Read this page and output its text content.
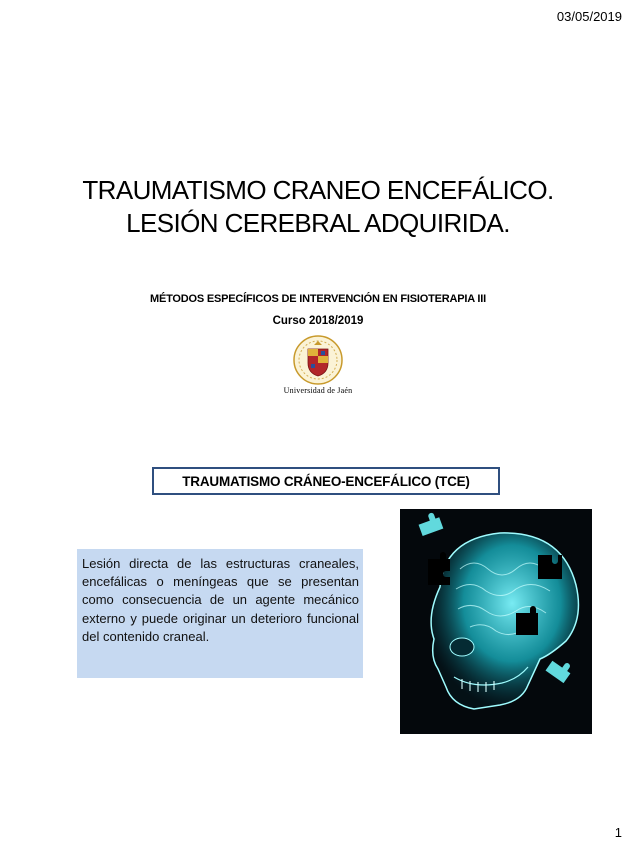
03/05/2019
TRAUMATISMO CRANEO ENCEFÁLICO.
LESIÓN CEREBRAL ADQUIRIDA.
MÉTODOS ESPECÍFICOS DE INTERVENCIÓN EN FISIOTERAPIA III
Curso 2018/2019
Universidad de Jaén
TRAUMATISMO CRÁNEO-ENCEFÁLICO (TCE)
Lesión directa de las estructuras craneales, encefálicas o meníngeas que se presentan como consecuencia de un agente mecánico externo y puede originar un deterioro funcional del contenido craneal.
1
